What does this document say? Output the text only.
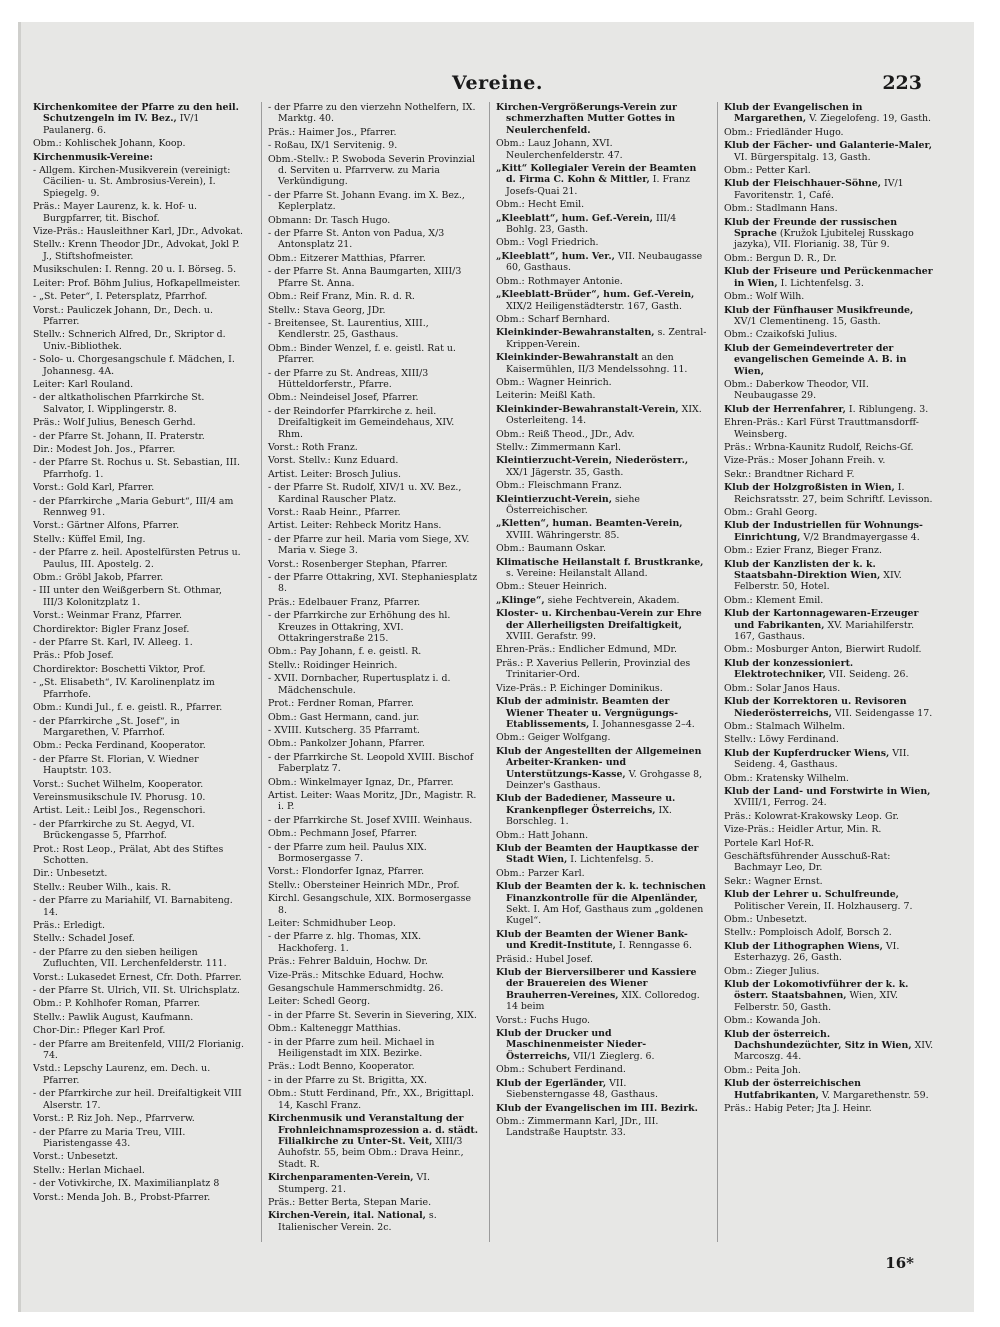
Vereine.	223
Kirchenkomitee der Pfarre zu den heil. Schutzengeln im IV. Bez., IV/1 Paulanerg. 6.
Obm.: Kohlischek Johann, Koop.
Kirchenmusik-Vereine:
- Allgem. Kirchen-Musikverein (vereinigt: Cäcilien- u. St. Ambrosius-Verein), I. Spiegelg. 9.
Präs.: Mayer Laurenz, k. k. Hof- u. Burgpfarrer, tit. Bischof.
Vize-Präs.: Hausleithner Karl, JDr., Advokat.
Stellv.: Krenn Theodor JDr., Advokat, Jokl P. J., Stiftshofmeister.
Musikschulen: I. Renng. 20 u. I. Börseg. 5.
Leiter: Prof. Böhm Julius, Hofkapellmeister.
- „St. Peter“, I. Petersplatz, Pfarrhof.
Vorst.: Pauliczek Johann, Dr., Dech. u. Pfarrer.
Stellv.: Schnerich Alfred, Dr., Skriptor d. Univ.-Bibliothek.
- Solo- u. Chorgesangschule f. Mädchen, I. Johannesg. 4A.
Leiter: Karl Rouland.
- der altkatholischen Pfarrkirche St. Salvator, I. Wipplingerstr. 8.
Präs.: Wolf Julius, Benesch Gerhd.
- der Pfarre St. Johann, II. Praterstr.
Dir.: Modest Joh. Jos., Pfarrer.
- der Pfarre St. Rochus u. St. Sebastian, III. Pfarrhofg. 1.
Vorst.: Gold Karl, Pfarrer.
- der Pfarrkirche „Maria Geburt“, III/4 am Rennweg 91.
Vorst.: Gärtner Alfons, Pfarrer.
Stellv.: Küffel Emil, Ing.
- der Pfarre z. heil. Apostelfürsten Petrus u. Paulus, III. Apostelg. 2.
Obm.: Gröbl Jakob, Pfarrer.
- III unter den Weißgerbern St. Othmar, III/3 Kolonitzplatz 1.
Vorst.: Weinmar Franz, Pfarrer.
Chordirektor: Bigler Franz Josef.
- der Pfarre St. Karl, IV. Alleeg. 1.
Präs.: Pfob Josef.
Chordirektor: Boschetti Viktor, Prof.
- „St. Elisabeth“, IV. Karolinenplatz im Pfarrhofe.
Obm.: Kundi Jul., f. e. geistl. R., Pfarrer.
- der Pfarrkirche „St. Josef“, in Margarethen, V. Pfarrhof.
Obm.: Pecka Ferdinand, Kooperator.
- der Pfarre St. Florian, V. Wiedner Hauptstr. 103.
Vorst.: Suchet Wilhelm, Kooperator.
Vereinsmusikschule IV. Phorusg. 10.
Artist. Leit.: Leibl Jos., Regenschori.
- der Pfarrkirche zu St. Aegyd, VI. Brückengasse 5, Pfarrhof.
Prot.: Rost Leop., Prälat, Abt des Stiftes Schotten.
Dir.: Unbesetzt.
Stellv.: Reuber Wilh., kais. R.
- der Pfarre zu Mariahilf, VI. Barnabiteng. 14.
Präs.: Erledigt.
Stellv.: Schadel Josef.
- der Pfarre zu den sieben heiligen Zufluchten, VII. Lerchenfelderstr. 111.
Vorst.: Lukasedet Ernest, Cfr. Doth. Pfarrer.
- der Pfarre St. Ulrich, VII. St. Ulrichsplatz.
Obm.: P. Kohlhofer Roman, Pfarrer.
Stellv.: Pawlik August, Kaufmann.
Chor-Dir.: Pfleger Karl Prof.
- der Pfarre am Breitenfeld, VIII/2 Florianig. 74.
Vstd.: Lepschy Laurenz, em. Dech. u. Pfarrer.
- der Pfarrkirche zur heil. Dreifaltigkeit VIII Alserstr. 17.
Vorst.: P. Riz Joh. Nep., Pfarrverw.
- der Pfarre zu Maria Treu, VIII. Piaristengasse 43.
Vorst.: Unbesetzt.
Stellv.: Herlan Michael.
- der Votivkirche, IX. Maximilianplatz 8
Vorst.: Menda Joh. B., Probst-Pfarrer.
- der Pfarre zu den vierzehn Nothelfern, IX. Marktg. 40.
Präs.: Haimer Jos., Pfarrer.
- Roßau, IX/1 Servitenig. 9.
Obm.-Stellv.: P. Swoboda Severin Provinzial d. Serviten u. Pfarrverw. zu Maria Verkündigung.
- der Pfarre St. Johann Evang. im X. Bez., Keplerplatz.
Obmann: Dr. Tasch Hugo.
- der Pfarre St. Anton von Padua, X/3 Antonsplatz 21.
Obm.: Eitzerer Matthias, Pfarrer.
- der Pfarre St. Anna Baumgarten, XIII/3 Pfarre St. Anna.
Obm.: Reif Franz, Min. R. d. R.
Stellv.: Stava Georg, JDr.
- Breitensee, St. Laurentius, XIII., Kendlerstr. 25, Gasthaus.
Obm.: Binder Wenzel, f. e. geistl. Rat u. Pfarrer.
- der Pfarre zu St. Andreas, XIII/3 Hütteldorferstr., Pfarre.
Obm.: Neindeisel Josef, Pfarrer.
- der Reindorfer Pfarrkirche z. heil. Dreifaltigkeit im Gemeindehaus, XIV. Rhm.
Vorst.: Roth Franz.
Vorst. Stellv.: Kunz Eduard.
Artist. Leiter: Brosch Julius.
- der Pfarre St. Rudolf, XIV/1 u. XV. Bez., Kardinal Rauscher Platz.
Vorst.: Raab Heinr., Pfarrer.
Artist. Leiter: Rehbeck Moritz Hans.
- der Pfarre zur heil. Maria vom Siege, XV. Maria v. Siege 3.
Vorst.: Rosenberger Stephan, Pfarrer.
- der Pfarre Ottakring, XVI. Stephaniesplatz 8.
Präs.: Edelbauer Franz, Pfarrer.
- der Pfarrkirche zur Erhöhung des hl. Kreuzes in Ottakring, XVI. Ottakringerstraße 215.
Obm.: Pay Johann, f. e. geistl. R.
Stellv.: Roidinger Heinrich.
- XVII. Dornbacher, Rupertusplatz i. d. Mädchenschule.
Prot.: Ferdner Roman, Pfarrer.
Obm.: Gast Hermann, cand. jur.
- XVIII. Kutscherg. 35 Pfarramt.
Obm.: Pankolzer Johann, Pfarrer.
- der Pfarrkirche St. Leopold XVIII. Bischof Faberplatz 7.
Obm.: Winkelmayer Ignaz, Dr., Pfarrer.
Artist. Leiter: Waas Moritz, JDr., Magistr. R. i. P.
- der Pfarrkirche St. Josef XVIII. Weinhaus.
Obm.: Pechmann Josef, Pfarrer.
- der Pfarre zum heil. Paulus XIX. Bormosergasse 7.
Vorst.: Flondorfer Ignaz, Pfarrer.
Stellv.: Obersteiner Heinrich MDr., Prof.
Kirchl. Gesangschule, XIX. Bormosergasse 8.
Leiter: Schmidhuber Leop.
- der Pfarre z. hlg. Thomas, XIX. Hackhoferg. 1.
Präs.: Fehrer Balduin, Hochw. Dr.
Vize-Präs.: Mitschke Eduard, Hochw.
Gesangschule Hammerschmidtg. 26.
Leiter: Schedl Georg.
- in der Pfarre St. Severin in Sievering, XIX.
Obm.: Kalteneggr Matthias.
- in der Pfarre zum heil. Michael in Heiligenstadt im XIX. Bezirke.
Präs.: Lodt Benno, Kooperator.
- in der Pfarre zu St. Brigitta, XX.
Obm.: Stutt Ferdinand, Pfr., XX., Brigittapl. 14, Kaschl Franz.
Kirchenmusik und Veranstaltung der Frohnleichnamsprozession a. d. städt. Filialkirche zu Unter-St. Veit, XIII/3 Auhofstr. 55, beim Obm.: Drava Heinr., Stadt. R.
Kirchenparamenten-Verein, VI. Stumperg. 21.
Präs.: Better Berta, Stepan Marie.
Kirchen-Verein, ital. National, s. Italienischer Verein. 2c.
Kirchen-Vergrößerungs-Verein zur schmerzhaften Mutter Gottes in Neulerchenfeld.
Obm.: Lauz Johann, XVI. Neulerchenfelderstr. 47.
„Kitt“ Kollegialer Verein der Beamten d. Firma C. Kohn & Mittler, I. Franz Josefs-Quai 21.
Obm.: Hecht Emil.
„Kleeblatt“, hum. Gef.-Verein, III/4 Bohlg. 23, Gasth.
Obm.: Vogl Friedrich.
„Kleeblatt“, hum. Ver., VII. Neubaugasse 60, Gasthaus.
Obm.: Rothmayer Antonie.
„Kleeblatt-Brüder“, hum. Gef.-Verein, XIX/2 Heiligenstädterstr. 167, Gasth.
Obm.: Scharf Bernhard.
Kleinkinder-Bewahranstalten, s. Zentral-Krippen-Verein.
Kleinkinder-Bewahranstalt an den Kaisermühlen, II/3 Mendelssohng. 11.
Obm.: Wagner Heinrich.
Leiterin: Meißl Kath.
Kleinkinder-Bewahranstalt-Verein, XIX. Osterleiteng. 14.
Obm.: Reiß Theod., JDr., Adv.
Stellv.: Zimmermann Karl.
Kleintierzucht-Verein, Niederösterr., XX/1 Jägerstr. 35, Gasth.
Obm.: Fleischmann Franz.
Kleintierzucht-Verein, siehe Österreichischer.
„Kletten“, human. Beamten-Verein, XVIII. Währingerstr. 85.
Obm.: Baumann Oskar.
Klimatische Heilanstalt f. Brustkranke, s. Vereine: Heilanstalt Alland.
Obm.: Steuer Heinrich.
„Klinge“, siehe Fechtverein, Akadem.
Kloster- u. Kirchenbau-Verein zur Ehre der Allerheiligsten Dreifaltigkeit, XVIII. Gerafstr. 99.
Ehren-Präs.: Endlicher Edmund, MDr.
Präs.: P. Xaverius Pellerin, Provinzial des Trinitarier-Ord.
Vize-Präs.: P. Eichinger Dominikus.
Klub der administr. Beamten der Wiener Theater u. Vergnügungs-Etablissements, I. Johannesgasse 2–4.
Obm.: Geiger Wolfgang.
Klub der Angestellten der Allgemeinen Arbeiter-Kranken- und Unterstützungs-Kasse, V. Grohgasse 8, Deinzer's Gasthaus.
Klub der Badediener, Masseure u. Krankenpfleger Österreichs, IX. Borschleg. 1.
Obm.: Hatt Johann.
Klub der Beamten der Hauptkasse der Stadt Wien, I. Lichtenfelsg. 5.
Obm.: Parzer Karl.
Klub der Beamten der k. k. technischen Finanzkontrolle für die Alpenländer, Sekt. I. Am Hof, Gasthaus zum „goldenen Kugel“.
Klub der Beamten der Wiener Bank- und Kredit-Institute, I. Renngasse 6.
Präsid.: Hubel Josef.
Klub der Bierversilberer und Kassiere der Brauereien des Wiener Brauherren-Vereines, XIX. Colloredog. 14 beim
Vorst.: Fuchs Hugo.
Klub der Drucker und Maschinenmeister Nieder-Österreichs, VII/1 Zieglerg. 6.
Obm.: Schubert Ferdinand.
Klub der Egerländer, VII. Siebensterngasse 48, Gasthaus.
Klub der Evangelischen im III. Bezirk.
Obm.: Zimmermann Karl, JDr., III. Landstraße Hauptstr. 33.
Klub der Evangelischen in Margarethen, V. Ziegelofeng. 19, Gasth.
Obm.: Friedländer Hugo.
Klub der Fächer- und Galanterie-Maler, VI. Bürgerspitalg. 13, Gasth.
Obm.: Petter Karl.
Klub der Fleischhauer-Söhne, IV/1 Favoritenstr. 1, Café.
Obm.: Stadlmann Hans.
Klub der Freunde der russischen Sprache (Kružok Ljubitelej Russkago jazyka), VII. Florianig. 38, Tür 9.
Obm.: Bergun D. R., Dr.
Klub der Friseure und Perückenmacher in Wien, I. Lichtenfelsg. 3.
Obm.: Wolf Wilh.
Klub der Fünfhauser Musikfreunde, XV/1 Clementineng. 15, Gasth.
Obm.: Czaikofski Julius.
Klub der Gemeindevertreter der evangelischen Gemeinde A. B. in Wien,
Obm.: Daberkow Theodor, VII. Neubaugasse 29.
Klub der Herrenfahrer, I. Riblungeng. 3.
Ehren-Präs.: Karl Fürst Trauttmansdorff-Weinsberg.
Präs.: Wrbna-Kaunitz Rudolf, Reichs-Gf.
Vize-Präs.: Moser Johann Freih. v.
Sekr.: Brandtner Richard F.
Klub der Holzgroßisten in Wien, I. Reichsratsstr. 27, beim Schriftf. Levisson.
Obm.: Grahl Georg.
Klub der Industriellen für Wohnungs-Einrichtung, V/2 Brandmayergasse 4.
Obm.: Ezier Franz, Bieger Franz.
Klub der Kanzlisten der k. k. Staatsbahn-Direktion Wien, XIV. Felberstr. 50, Hotel.
Obm.: Klement Emil.
Klub der Kartonnagewaren-Erzeuger und Fabrikanten, XV. Mariahilferstr. 167, Gasthaus.
Obm.: Mosburger Anton, Bierwirt Rudolf.
Klub der konzessioniert. Elektrotechniker, VII. Seideng. 26.
Obm.: Solar Janos Haus.
Klub der Korrektoren u. Revisoren Niederösterreichs, VII. Seidengasse 17.
Obm.: Stalmach Wilhelm.
Stellv.: Löwy Ferdinand.
Klub der Kupferdrucker Wiens, VII. Seideng. 4, Gasthaus.
Obm.: Kratensky Wilhelm.
Klub der Land- und Forstwirte in Wien, XVIII/1, Ferrog. 24.
Präs.: Kolowrat-Krakowsky Leop. Gr.
Vize-Präs.: Heidler Artur, Min. R.
Portele Karl Hof-R.
Geschäftsführender Ausschuß-Rat: Bachmayr Leo, Dr.
Sekr.: Wagner Ernst.
Klub der Lehrer u. Schulfreunde, Politischer Verein, II. Holzhauserg. 7.
Obm.: Unbesetzt.
Stellv.: Pomploisch Adolf, Borsch 2.
Klub der Lithographen Wiens, VI. Esterhazyg. 26, Gasth.
Obm.: Zieger Julius.
Klub der Lokomotivführer der k. k. österr. Staatsbahnen, Wien, XIV. Felberstr. 50, Gasth.
Obm.: Kowanda Joh.
Klub der österreich. Dachshundezüchter, Sitz in Wien, XIV. Marcoszg. 44.
Obm.: Peita Joh.
Klub der österreichischen Hutfabrikanten, V. Margarethenstr. 59.
Präs.: Habig Peter; Jta J. Heinr.
16*
